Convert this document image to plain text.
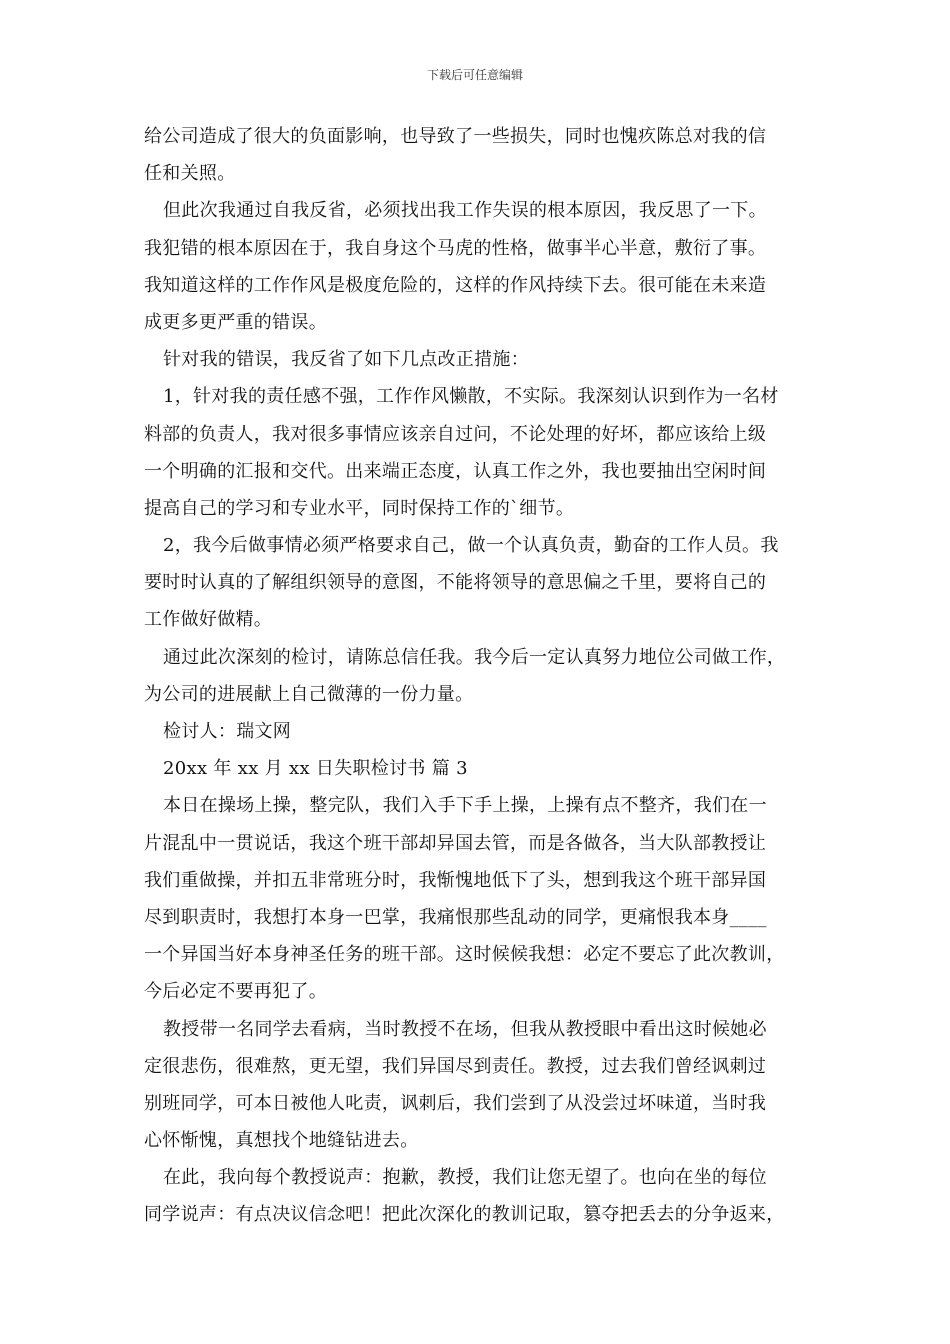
下载后可任意编辑
给公司造成了很大的负面影响，也导致了一些损失，同时也愧疚陈总对我的信
任和关照。
但此次我通过自我反省，必须找出我工作失误的根本原因，我反思了一下。
我犯错的根本原因在于，我自身这个马虎的性格，做事半心半意，敷衍了事。
我知道这样的工作作风是极度危险的，这样的作风持续下去。很可能在未来造
成更多更严重的错误。
针对我的错误，我反省了如下几点改正措施：
1，针对我的责任感不强，工作作风懒散，不实际。我深刻认识到作为一名材
料部的负责人，我对很多事情应该亲自过问，不论处理的好坏，都应该给上级
一个明确的汇报和交代。出来端正态度，认真工作之外，我也要抽出空闲时间
提高自己的学习和专业水平，同时保持工作的`细节。
2，我今后做事情必须严格要求自己，做一个认真负责，勤奋的工作人员。我
要时时认真的了解组织领导的意图，不能将领导的意思偏之千里，要将自己的
工作做好做精。
通过此次深刻的检讨，请陈总信任我。我今后一定认真努力地位公司做工作，
为公司的进展献上自己微薄的一份力量。
检讨人：瑞文网
20xx 年 xx 月 xx 日失职检讨书 篇 3
本日在操场上操，整完队，我们入手下手上操，上操有点不整齐，我们在一
片混乱中一贯说话，我这个班干部却异国去管，而是各做各，当大队部教授让
我们重做操，并扣五非常班分时，我惭愧地低下了头，想到我这个班干部异国
尽到职责时，我想打本身一巴掌，我痛恨那些乱动的同学，更痛恨我本身____
一个异国当好本身神圣任务的班干部。这时候候我想：必定不要忘了此次教训，
今后必定不要再犯了。
教授带一名同学去看病，当时教授不在场，但我从教授眼中看出这时候她必
定很悲伤，很难熬，更无望，我们异国尽到责任。教授，过去我们曾经讽刺过
别班同学，可本日被他人叱责，讽刺后，我们尝到了从没尝过坏味道，当时我
心怀惭愧，真想找个地缝钻进去。
在此，我向每个教授说声：抱歉，教授，我们让您无望了。也向在坐的每位
同学说声：有点决议信念吧！把此次深化的教训记取，篡夺把丢去的分争返来，
